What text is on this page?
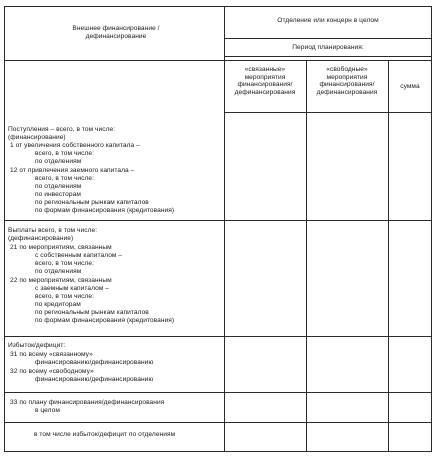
Внешнее финансирование / дефинансирование
Отделение или концерн в целом
Период планирования:
«связанные» мероприятия финансирования/ дефинансирования
«свободные» мероприятия финансирования/ дефинансирования
сумма
Поступления – всего, в том числе:
(финансирование)
1 от увеличения собственного капитала –
всего, в том числе:
по отделениям
12 от привлечения заемного капитала –
всего, в том числе:
по отделениям
по инвесторам
по региональным рынкам капиталов
по формам финансирования (кредитования)
Выплаты всего, в том числе:
(дефинансирование)
21 по мероприятиям, связанным
с собственным капиталом –
всего, в том числе:
по отделениям
22 по мероприятиям, связанным
с заемным капиталом –
всего, в том числе:
по кредиторам
по региональным рынкам капиталов
по формам финансирования (кредитования)
Избыток/дефицит:
31 по всему «связанному»
финансированию/дефинансированию
32 по всему «свободному»
финансированию/дефинансированию
33 по плану финансирования/дефинансирования
в целом
в том числе избыток/дефицит по отделениям
